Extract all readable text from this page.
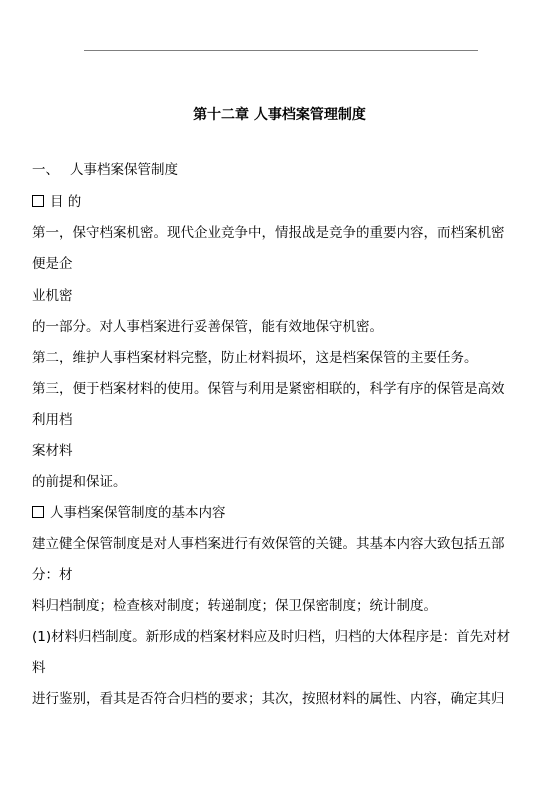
第十二章 人事档案管理制度
一、 人事档案保管制度
目 的
第一，保守档案机密。现代企业竞争中，情报战是竞争的重要内容，而档案机密
便是企
业机密
的一部分。对人事档案进行妥善保管，能有效地保守机密。
第二，维护人事档案材料完整，防止材料损坏，这是档案保管的主要任务。
第三，便于档案材料的使用。保管与利用是紧密相联的，科学有序的保管是高效
利用档
案材料
的前提和保证。
人事档案保管制度的基本内容
建立健全保管制度是对人事档案进行有效保管的关键。其基本内容大致包括五部
分：材
料归档制度；检查核对制度；转递制度；保卫保密制度；统计制度。
(1)材料归档制度。新形成的档案材料应及时归档，归档的大体程序是：首先对材
料
进行鉴别，看其是否符合归档的要求；其次，按照材料的属性、内容，确定其归
